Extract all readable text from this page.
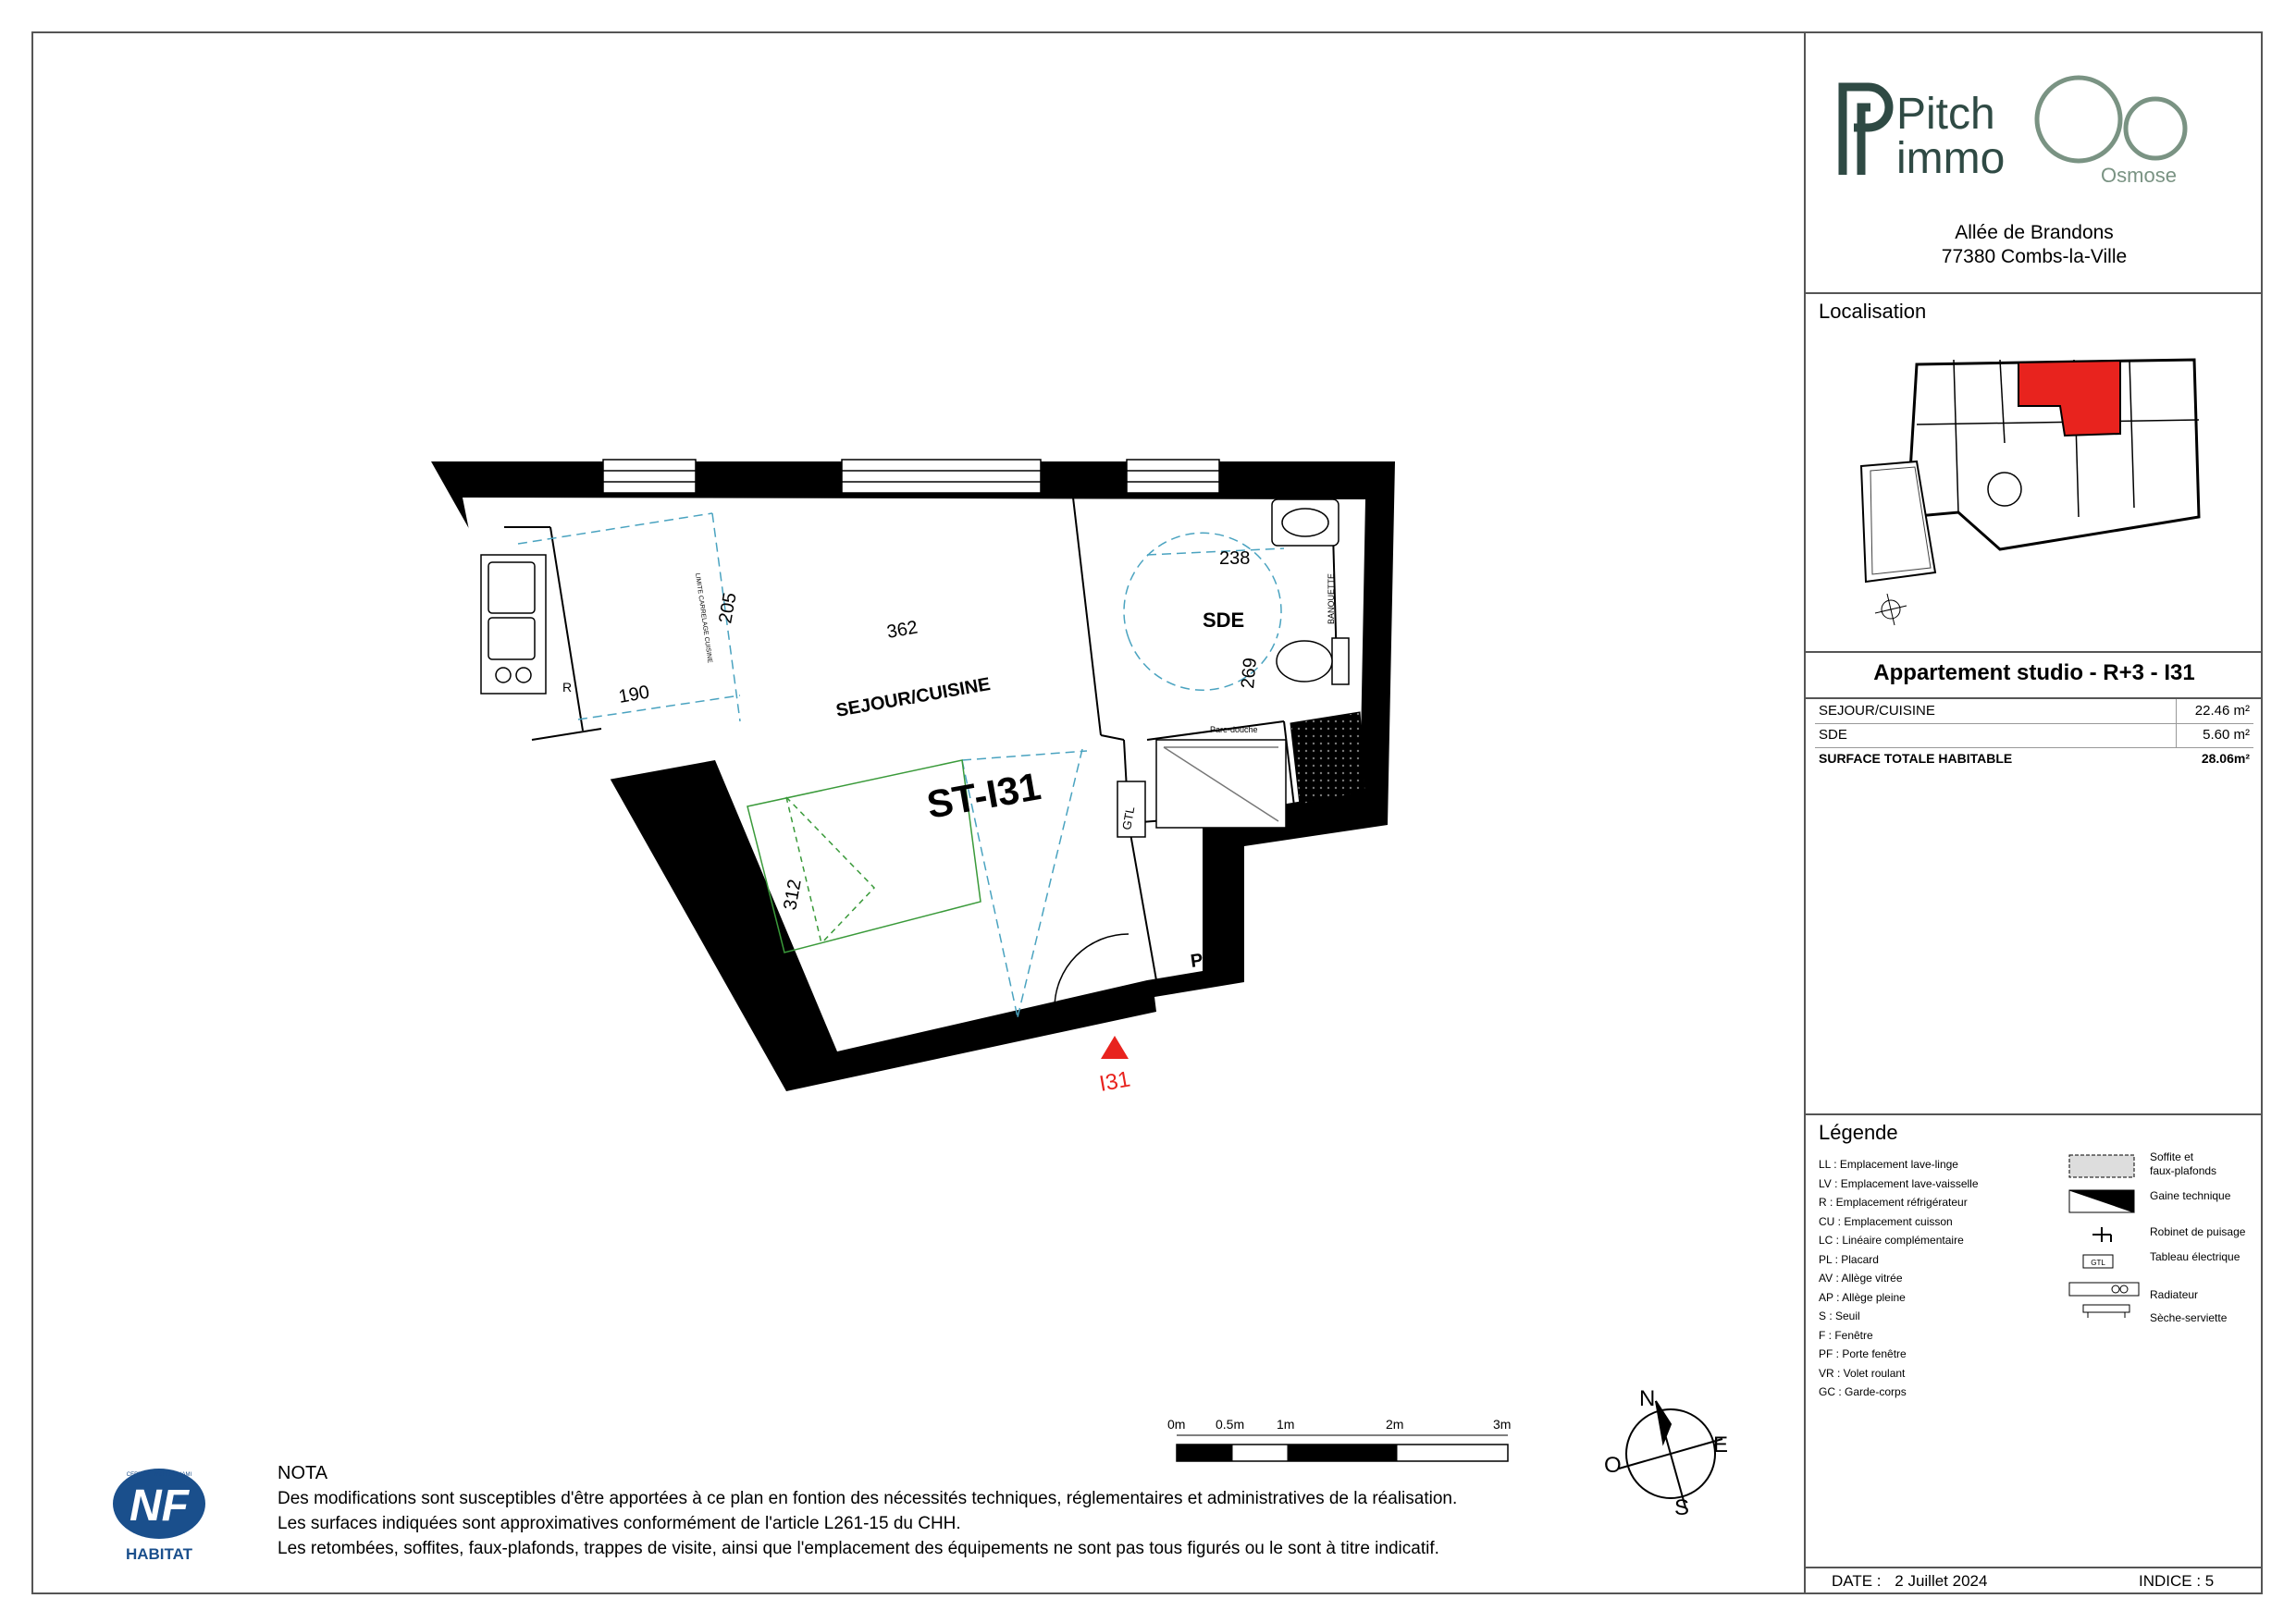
R
Pare-douche
GTL
362
190
205
238
269
312
LIMITE CARRELAGE CUISINE	BANQUETTE
SEJOUR/CUISINE
SDE
ST-I31
PL.
I31
0m 0.5m 1m	2m	3m
N
E
S
O
NF
CERTIFIÉ PAR CEQUAMI
HABITAT
NOTA
Des modifications sont susceptibles d'être apportées à ce plan en fontion des nécessités techniques, réglementaires et administratives de la réalisation.
Les surfaces indiquées sont approximatives conformément de l'article L261-15 du CHH.
Les retombées, soffites, faux-plafonds, trappes de visite, ainsi que l'emplacement des équipements ne sont pas tous figurés ou le sont à titre indicatif.
Pitch
immo	Osmose
Allée de Brandons
77380 Combs-la-Ville
Localisation
Appartement studio - R+3 - I31
SEJOUR/CUISINE	22.46 m²
SDE	5.60 m²
SURFACE TOTALE HABITABLE	28.06m²
Légende
LL : Emplacement lave-linge
LV : Emplacement lave-vaisselle
R : Emplacement réfrigérateur
CU : Emplacement cuisson
LC : Linéaire complémentaire
PL : Placard
AV : Allège vitrée
AP : Allège pleine
S : Seuil
F : Fenêtre
PF : Porte fenêtre
VR : Volet roulant
GC : Garde-corps
GTL
Soffite et
faux-plafonds
Gaine technique
Robinet de puisage
Tableau électrique
Radiateur
Sèche-serviette
DATE : 2 Juillet 2024	INDICE : 5
